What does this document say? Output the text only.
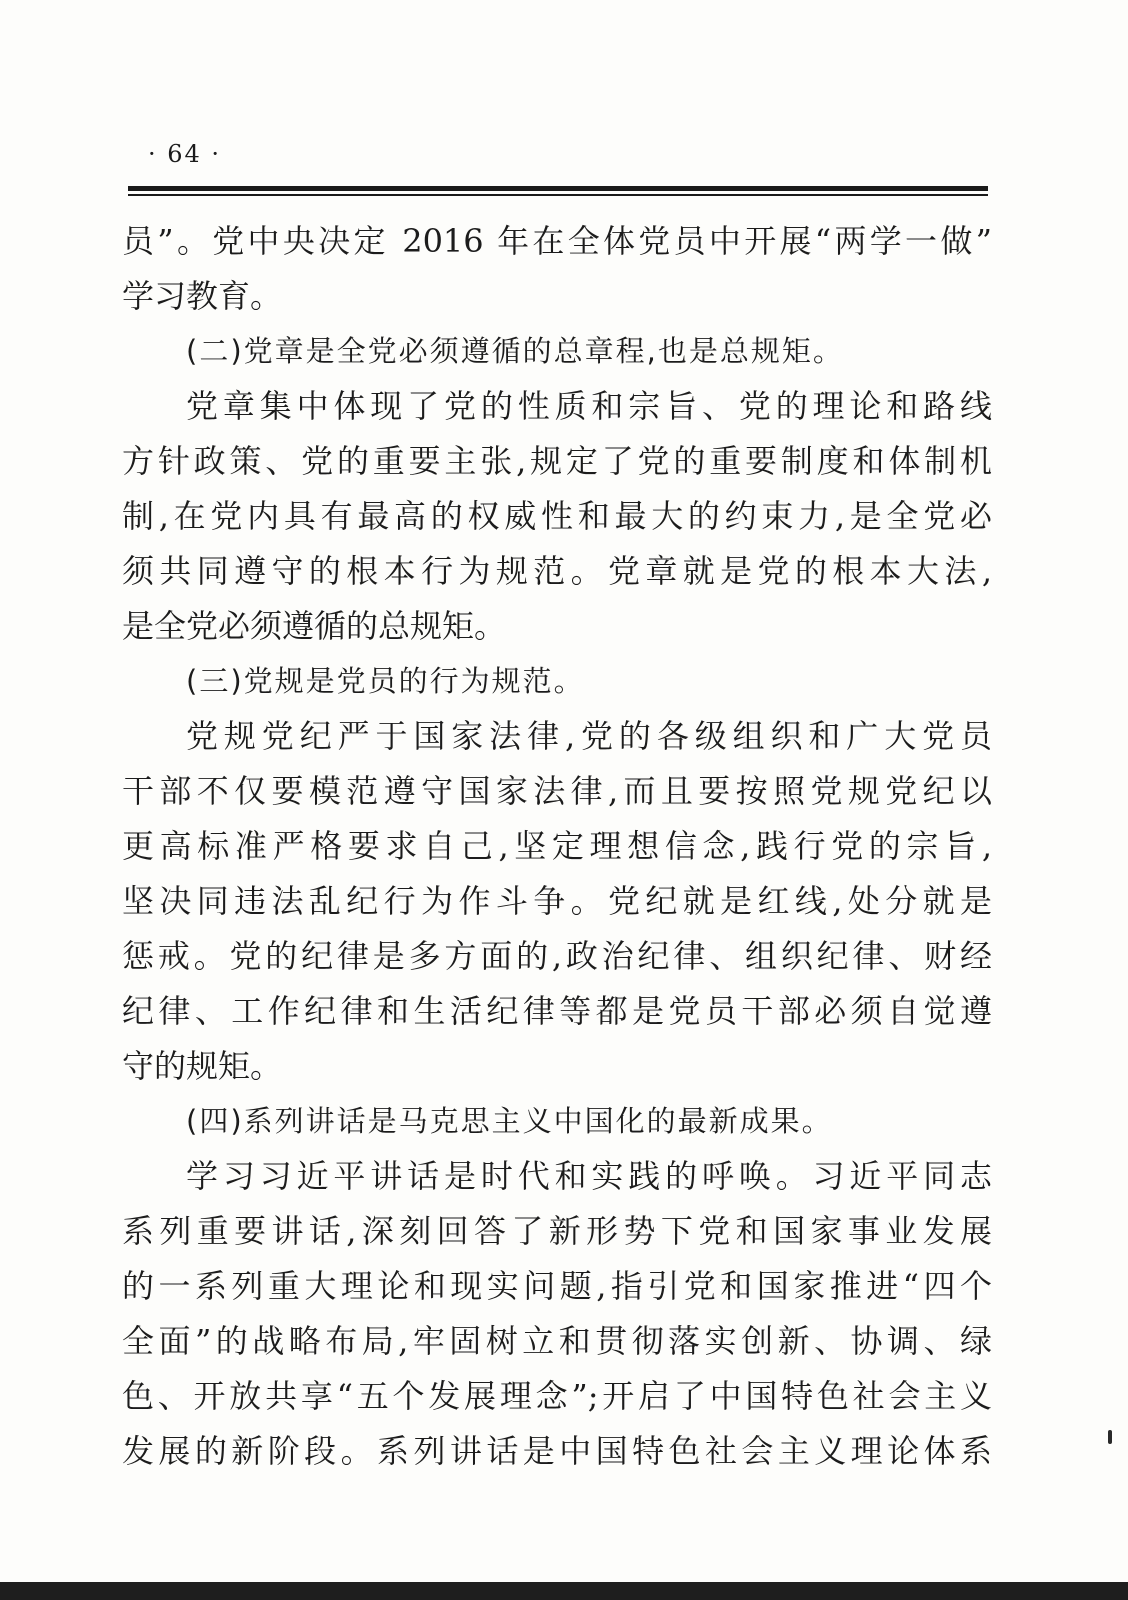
· 64 ·
员”。党中央决定 2016 年在全体党员中开展“两学一做”
学习教育。
(二)党章是全党必须遵循的总章程,也是总规矩。
党章集中体现了党的性质和宗旨、党的理论和路线
方针政策、党的重要主张,规定了党的重要制度和体制机
制,在党内具有最高的权威性和最大的约束力,是全党必
须共同遵守的根本行为规范。党章就是党的根本大法,
是全党必须遵循的总规矩。
(三)党规是党员的行为规范。
党规党纪严于国家法律,党的各级组织和广大党员
干部不仅要模范遵守国家法律,而且要按照党规党纪以
更高标准严格要求自己,坚定理想信念,践行党的宗旨,
坚决同违法乱纪行为作斗争。党纪就是红线,处分就是
惩戒。党的纪律是多方面的,政治纪律、组织纪律、财经
纪律、工作纪律和生活纪律等都是党员干部必须自觉遵
守的规矩。
(四)系列讲话是马克思主义中国化的最新成果。
学习习近平讲话是时代和实践的呼唤。习近平同志
系列重要讲话,深刻回答了新形势下党和国家事业发展
的一系列重大理论和现实问题,指引党和国家推进“四个
全面”的战略布局,牢固树立和贯彻落实创新、协调、绿
色、开放共享“五个发展理念”;开启了中国特色社会主义
发展的新阶段。系列讲话是中国特色社会主义理论体系
